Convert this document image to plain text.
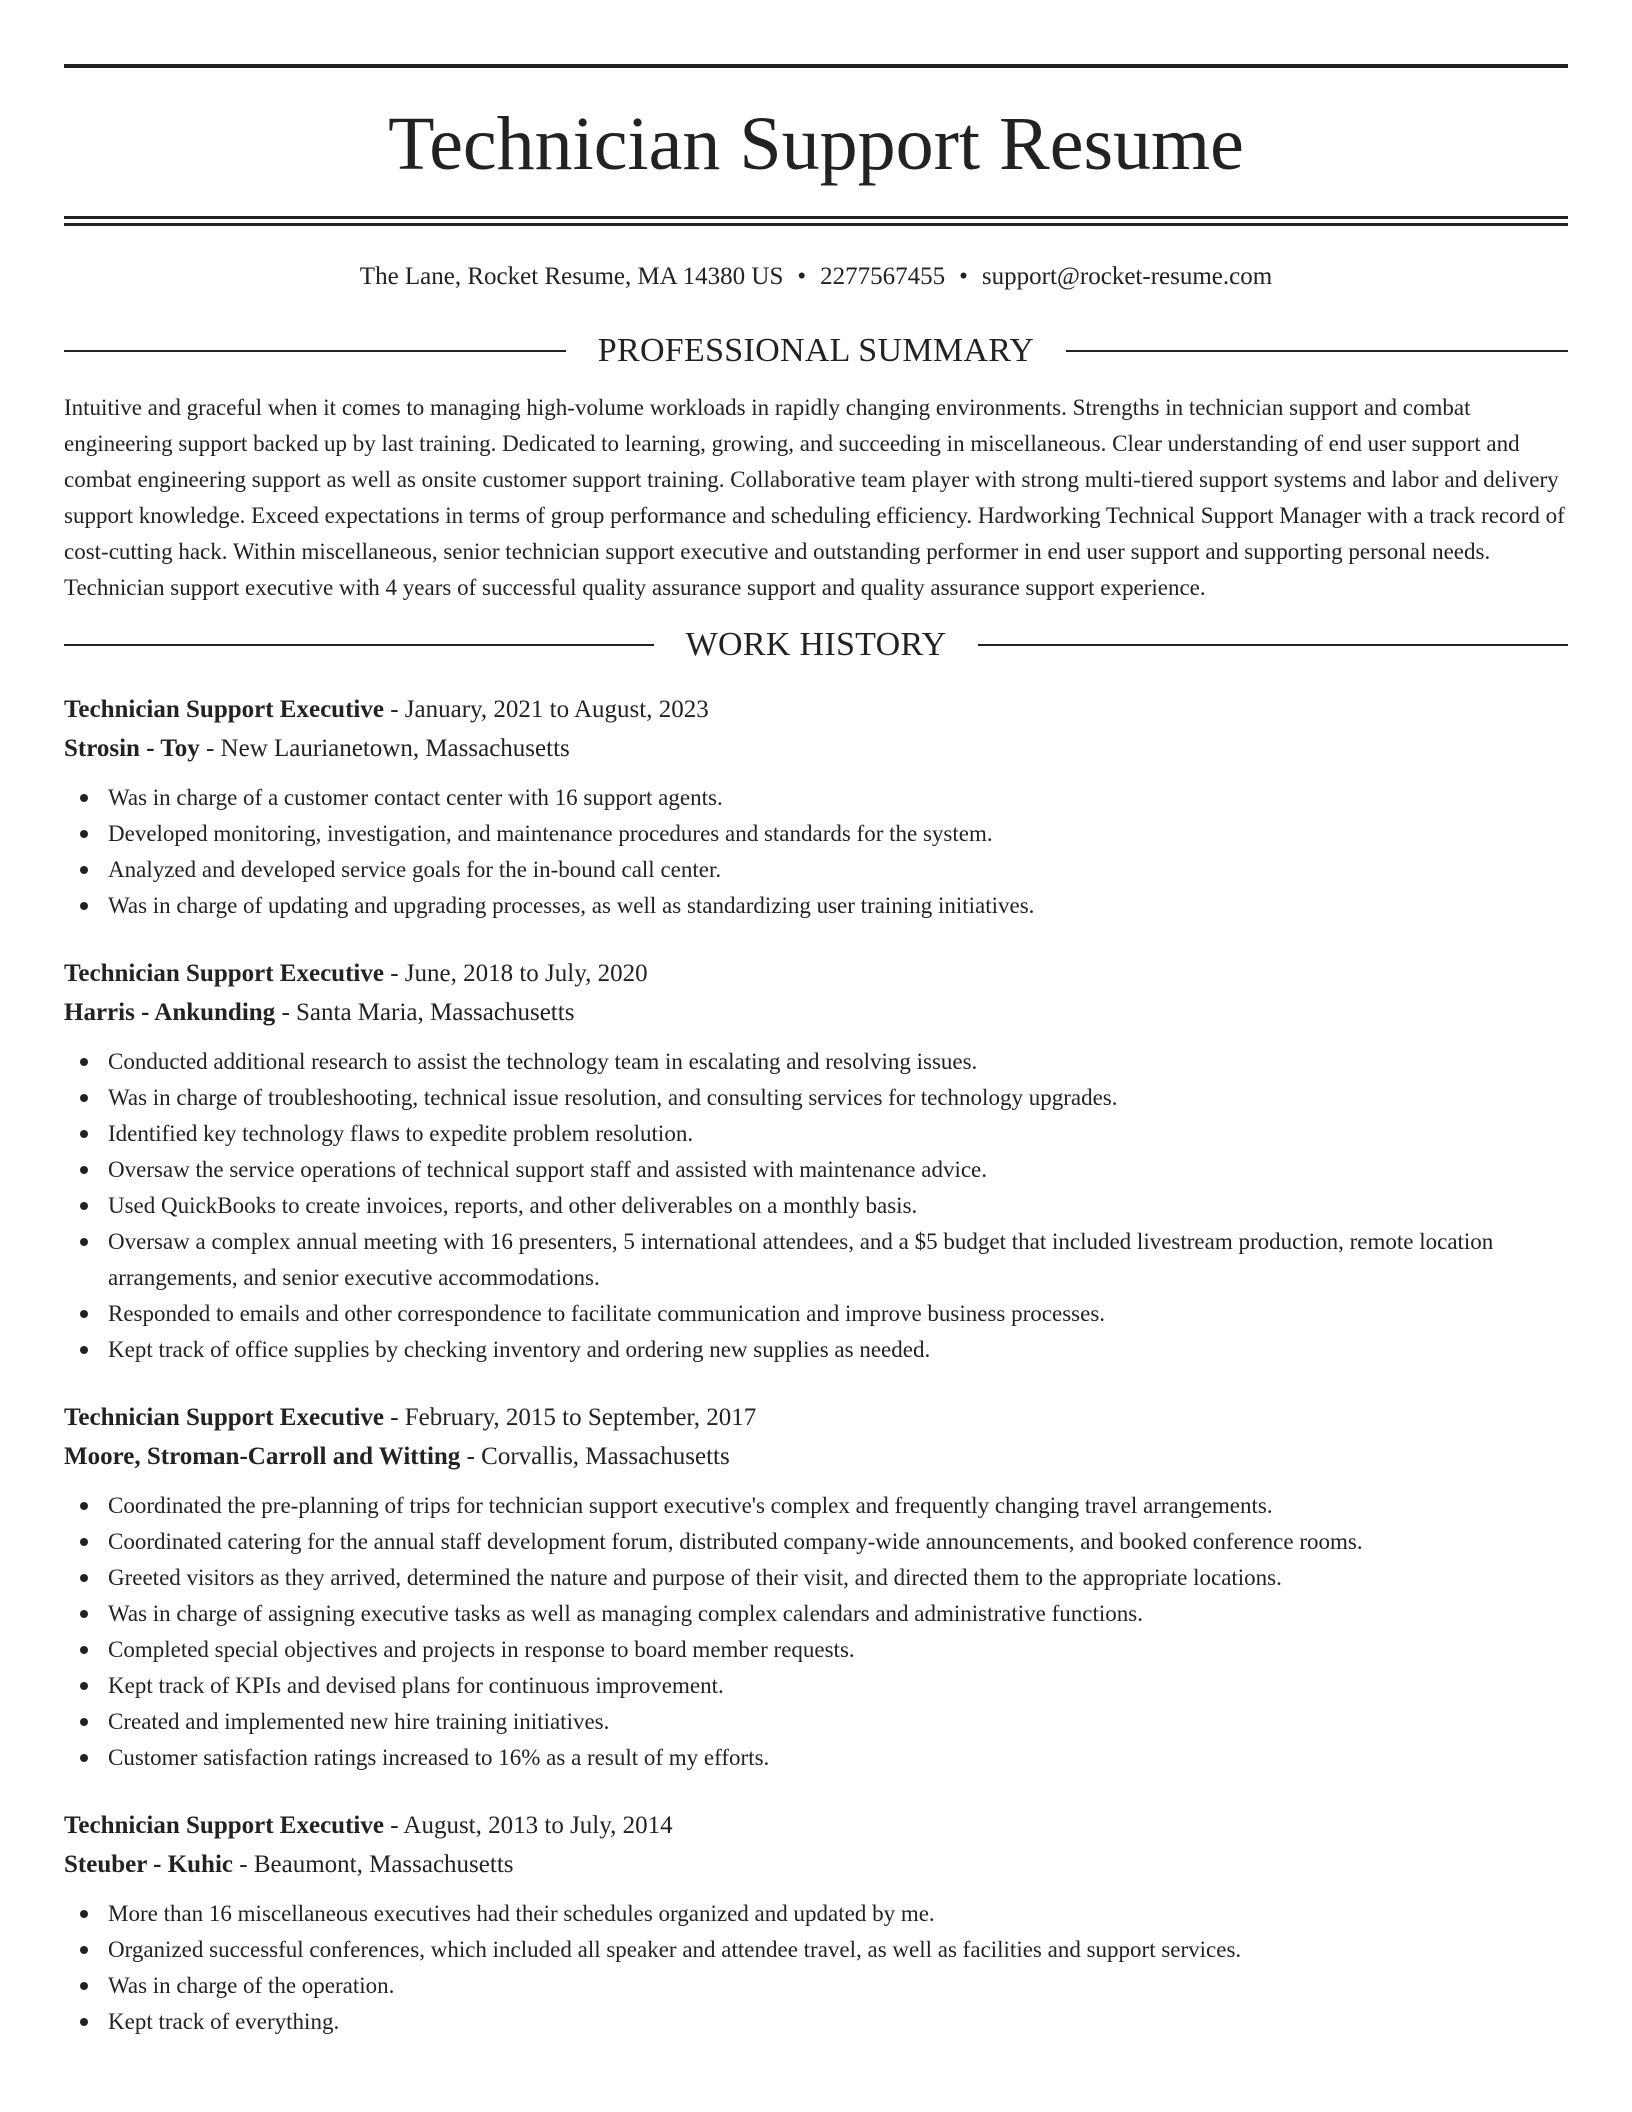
Technician Support Resume
The Lane, Rocket Resume, MA 14380 US • 2277567455 • support@rocket-resume.com
PROFESSIONAL SUMMARY

Intuitive and graceful when it comes to managing high-volume workloads in rapidly changing environments. Strengths in technician support and combat engineering support backed up by last training. Dedicated to learning, growing, and succeeding in miscellaneous. Clear understanding of end user support and combat engineering support as well as onsite customer support training. Collaborative team player with strong multi-tiered support systems and labor and delivery support knowledge. Exceed expectations in terms of group performance and scheduling efficiency. Hardworking Technical Support Manager with a track record of cost-cutting hack. Within miscellaneous, senior technician support executive and outstanding performer in end user support and supporting personal needs. Technician support executive with 4 years of successful quality assurance support and quality assurance support experience.

WORK HISTORY
Technician Support Executive - January, 2021 to August, 2023
Strosin - Toy - New Laurianetown, Massachusetts
Was in charge of a customer contact center with 16 support agents.
Developed monitoring, investigation, and maintenance procedures and standards for the system.
Analyzed and developed service goals for the in-bound call center.
Was in charge of updating and upgrading processes, as well as standardizing user training initiatives.
Technician Support Executive - June, 2018 to July, 2020
Harris - Ankunding - Santa Maria, Massachusetts
Conducted additional research to assist the technology team in escalating and resolving issues.
Was in charge of troubleshooting, technical issue resolution, and consulting services for technology upgrades.
Identified key technology flaws to expedite problem resolution.
Oversaw the service operations of technical support staff and assisted with maintenance advice.
Used QuickBooks to create invoices, reports, and other deliverables on a monthly basis.
Oversaw a complex annual meeting with 16 presenters, 5 international attendees, and a $5 budget that included livestream production, remote location arrangements, and senior executive accommodations.
Responded to emails and other correspondence to facilitate communication and improve business processes.
Kept track of office supplies by checking inventory and ordering new supplies as needed.
Technician Support Executive - February, 2015 to September, 2017
Moore, Stroman-Carroll and Witting - Corvallis, Massachusetts
Coordinated the pre-planning of trips for technician support executive's complex and frequently changing travel arrangements.
Coordinated catering for the annual staff development forum, distributed company-wide announcements, and booked conference rooms.
Greeted visitors as they arrived, determined the nature and purpose of their visit, and directed them to the appropriate locations.
Was in charge of assigning executive tasks as well as managing complex calendars and administrative functions.
Completed special objectives and projects in response to board member requests.
Kept track of KPIs and devised plans for continuous improvement.
Created and implemented new hire training initiatives.
Customer satisfaction ratings increased to 16% as a result of my efforts.
Technician Support Executive - August, 2013 to July, 2014
Steuber - Kuhic - Beaumont, Massachusetts
More than 16 miscellaneous executives had their schedules organized and updated by me.
Organized successful conferences, which included all speaker and attendee travel, as well as facilities and support services.
Was in charge of the operation.
Kept track of everything.
